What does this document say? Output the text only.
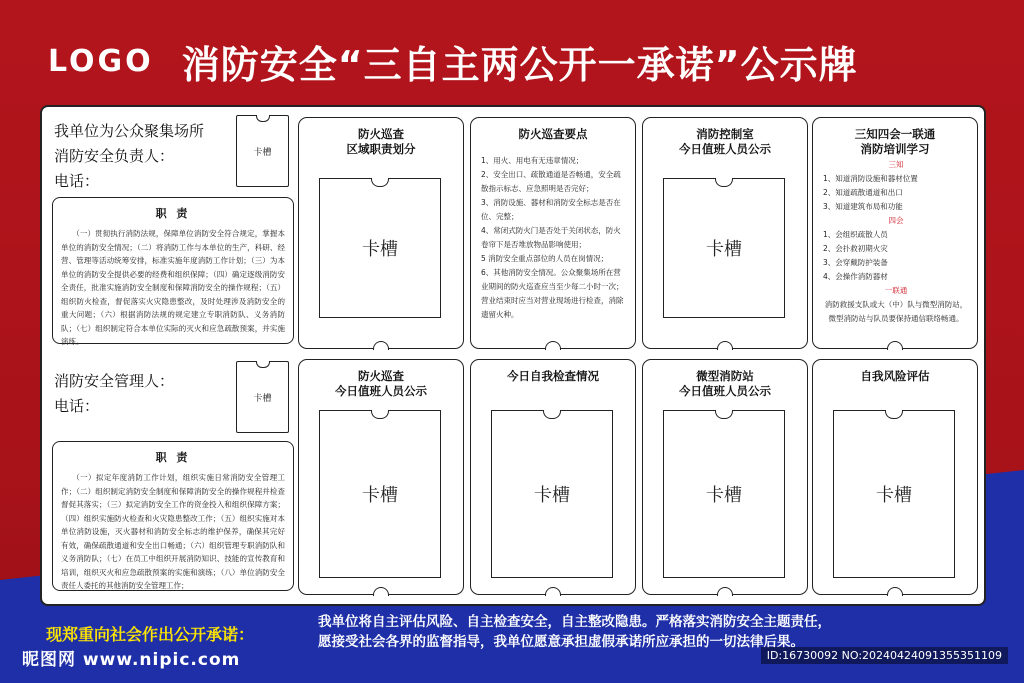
LOGO 消防安全“三自主两公开一承诺”公示牌
我单位为公众聚集场所
消防安全负责人：
电话：
卡槽
职 责
（一）贯彻执行消防法规，保障单位消防安全符合规定，掌握本单位的消防安全情况；（二）将消防工作与本单位的生产，科研、经营、管理等活动统筹安排，标准实施年度消防工作计划；（三）为本单位的消防安全提供必要的经费和组织保障；（四）确定逐级消防安全责任，批准实施消防安全制度和保障消防安全的操作规程；（五）组织防火检查，督促落实火灾隐患整改，及时处理涉及消防安全的重大问题；（六）根据消防法规的规定建立专职消防队、义务消防队；（七）组织制定符合本单位实际的灭火和应急疏散预案，并实施演练。
消防安全管理人：
电话：	卡槽
职 责
（一）拟定年度消防工作计划，组织实施日常消防安全管理工作；（二）组织制定消防安全制度和保障消防安全的操作规程并检查督促其落实；（三）拟定消防安全工作的资金投入和组织保障方案；（四）组织实施防火检查和火灾隐患整改工作；（五）组织实施对本单位消防设施，灭火器材和消防安全标志的维护保养，确保其完好有效，确保疏散通道和安全出口畅通；（六）组织管理专职消防队和义务消防队；（七）在员工中组织开展消防知识、技能的宣传教育和培训，组织灭火和应急疏散预案的实施和演练；（八）单位消防安全责任人委托的其他消防安全管理工作；
防火巡查
区域职责划分
卡槽
防火巡查要点
1、用火、用电有无违章情况；
2、安全出口、疏散通道是否畅通，安全疏散指示标志、应急照明是否完好；
3、消防设施、器材和消防安全标志是否在位、完整；
4、常闭式防火门是否处于关闭状态，防火卷帘下是否堆放物品影响使用；
5 消防安全重点部位的人员在岗情况；
6、其他消防安全情况。公众聚集场所在营业期间的防火巡查应当至少每二小时一次；营业结束时应当对营业现场进行检查，消除遗留火种。
消防控制室
今日值班人员公示
卡槽
三知四会一联通
消防培训学习
三知
1、知道消防设施和器材位置
2、知道疏散通道和出口
3、知道建筑布局和功能
四会
1、会组织疏散人员
2、会扑救初期火灾
3、会穿戴防护装备
4、会操作消防器材
一联通
消防救援支队或大（中）队与微型消防站，微型消防站与队员要保持通信联络畅通。
防火巡查
今日值班人员公示
卡槽
今日自我检查情况
卡槽
微型消防站
今日值班人员公示
卡槽
自我风险评估
卡槽
现郑重向社会作出公开承诺：
我单位将自主评估风险、自主检查安全，自主整改隐患。严格落实消防安全主题责任，
愿接受社会各界的监督指导，我单位愿意承担虚假承诺所应承担的一切法律后果。
昵图网 www.nipic.com	ID:16730092 NO:20240424091355351109
